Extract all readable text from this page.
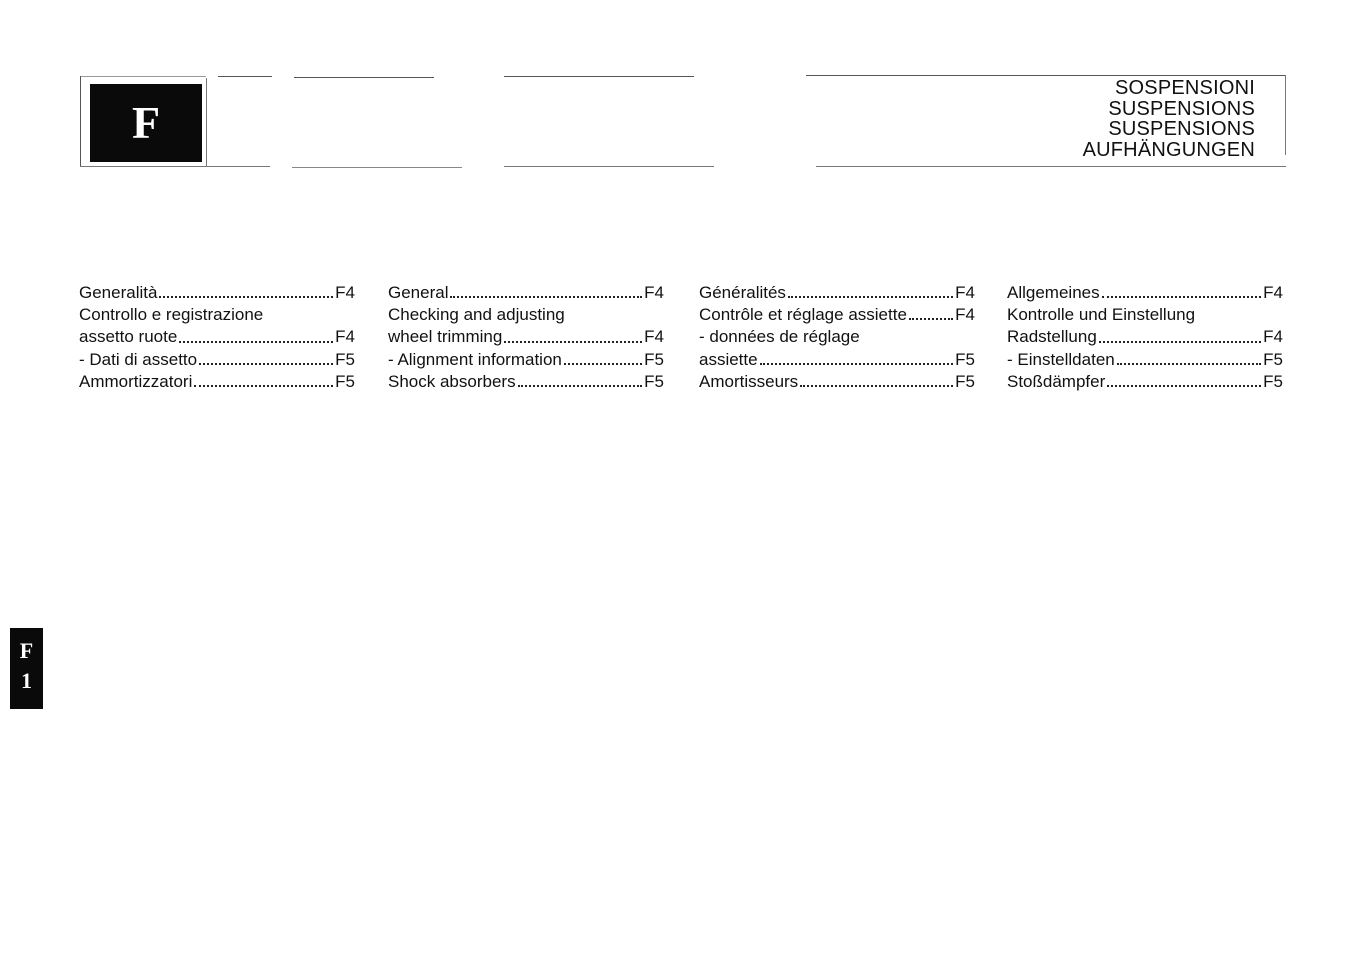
F
SOSPENSIONI
SUSPENSIONS
SUSPENSIONS
AUFHÄNGUNGEN
Generalità	F4
Controllo e registrazione
assetto ruote	F4
- Dati di assetto	F5
Ammortizzatori	F5
General	F4
Checking and adjusting
wheel trimming	F4
- Alignment information	F5
Shock absorbers	F5
Généralités	F4
Contrôle et réglage assiette	F4
- données de réglage
assiette	F5
Amortisseurs	F5
Allgemeines	F4
Kontrolle und Einstellung
Radstellung	F4
- Einstelldaten	F5
Stoßdämpfer	F5
F
1
